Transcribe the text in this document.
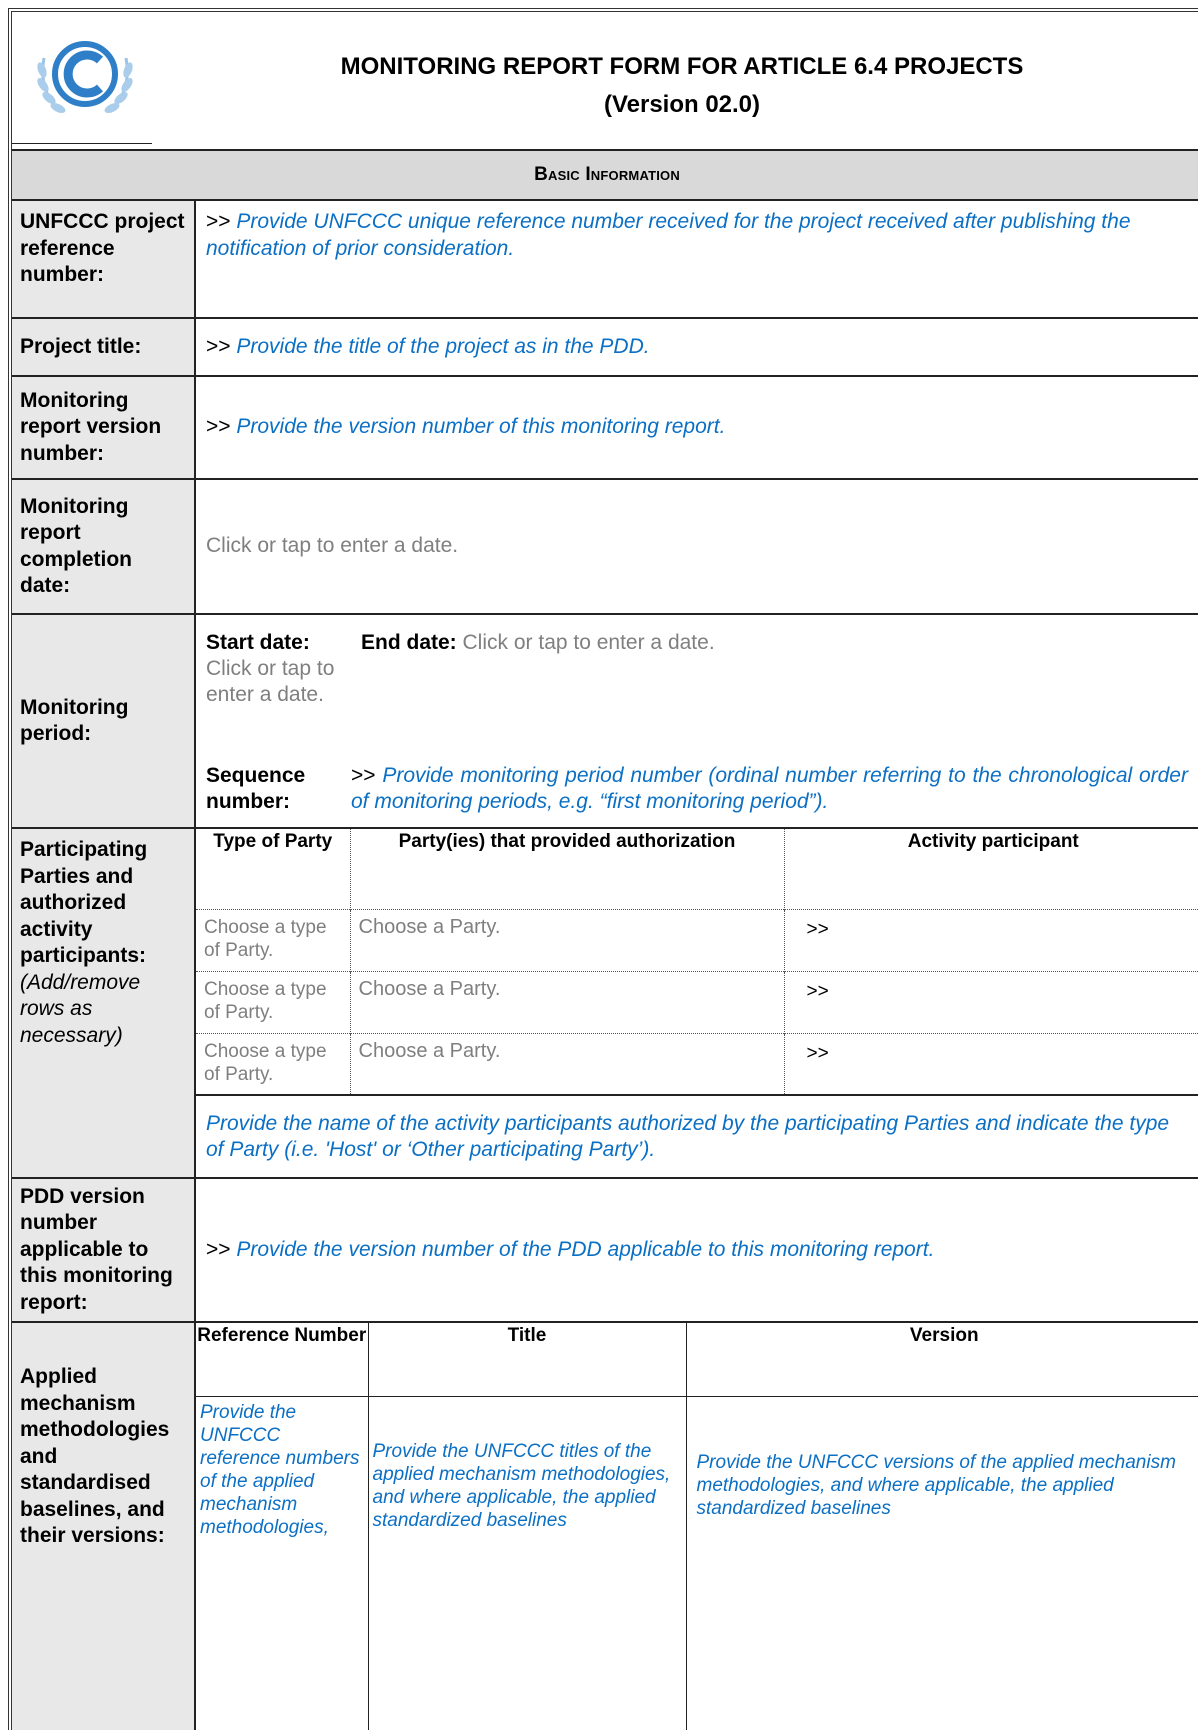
MONITORING REPORT FORM FOR ARTICLE 6.4 PROJECTS
(Version 02.0)
Basic Information
UNFCCC project reference number:
>> Provide UNFCCC unique reference number received for the project received after publishing the notification of prior consideration.
Project title:	>> Provide the title of the project as in the PDD.
Monitoring report version number:
>> Provide the version number of this monitoring report.
Monitoring report completion date:
Click or tap to enter a date.
Monitoring period:
Start date:
Click or tap to enter a date.
End date: Click or tap to enter a date.
Sequence number:
>> Provide monitoring period number (ordinal number referring to the chronological order of monitoring periods, e.g. “first monitoring period”).
Participating Parties and authorized activity participants:
(Add/remove rows as necessary)
Type of Party	Party(ies) that provided authorization	Activity participant
Choose a type of Party.	Choose a Party.	>>
Choose a type of Party.	Choose a Party.	>>
Choose a type of Party.	Choose a Party.	>>
Provide the name of the activity participants authorized by the participating Parties and indicate the type of Party (i.e. 'Host' or ‘Other participating Party’).
PDD version number applicable to this monitoring report:
>> Provide the version number of the PDD applicable to this monitoring report.
Applied mechanism methodologies and standardised baselines, and their versions:
Reference Number	Title	Version
Provide the UNFCCC reference numbers of the applied mechanism methodologies,	Provide the UNFCCC titles of the applied mechanism methodologies, and where applicable, the applied standardized baselines	Provide the UNFCCC versions of the applied mechanism methodologies, and where applicable, the applied standardized baselines
